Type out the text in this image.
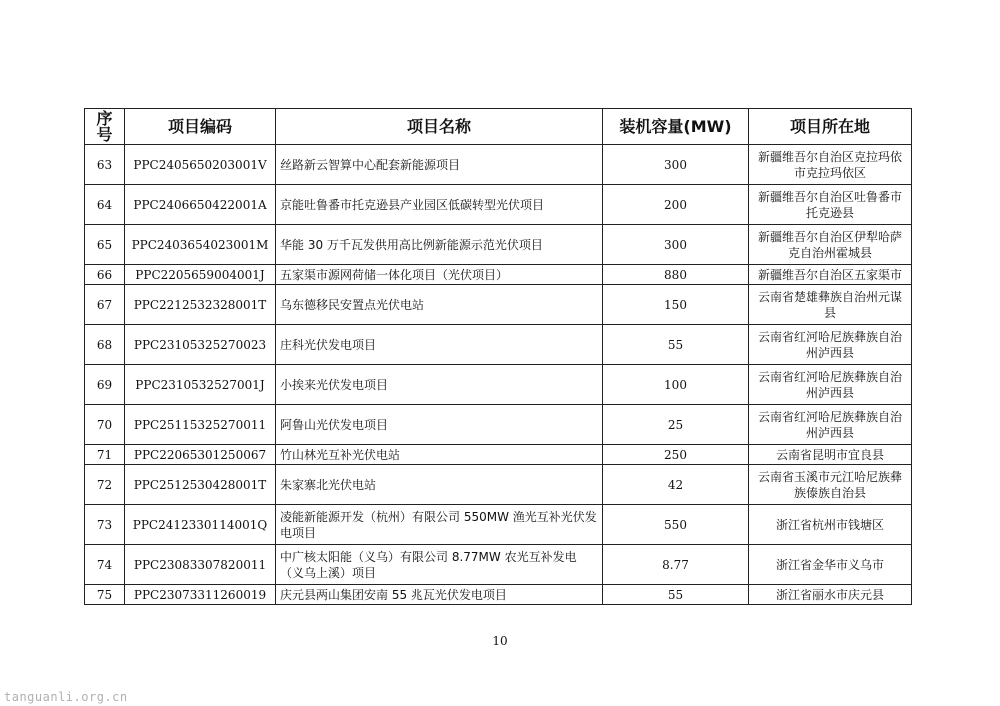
序号	项目编码	项目名称	装机容量(MW)	项目所在地
63	PPC2405650203001V	丝路新云智算中心配套新能源项目	300	新疆维吾尔自治区克拉玛依市克拉玛依区
64	PPC2406650422001A	京能吐鲁番市托克逊县产业园区低碳转型光伏项目	200	新疆维吾尔自治区吐鲁番市托克逊县
65	PPC2403654023001M	华能 30 万千瓦发供用高比例新能源示范光伏项目	300	新疆维吾尔自治区伊犁哈萨克自治州霍城县
66	PPC2205659004001J	五家渠市源网荷储一体化项目（光伏项目）	880	新疆维吾尔自治区五家渠市
67	PPC2212532328001T	乌东德移民安置点光伏电站	150	云南省楚雄彝族自治州元谋县
68	PPC23105325270023	庄科光伏发电项目	55	云南省红河哈尼族彝族自治州泸西县
69	PPC2310532527001J	小挨来光伏发电项目	100	云南省红河哈尼族彝族自治州泸西县
70	PPC25115325270011	阿鲁山光伏发电项目	25	云南省红河哈尼族彝族自治州泸西县
71	PPC22065301250067	竹山林光互补光伏电站	250	云南省昆明市宜良县
72	PPC2512530428001T	朱家寨北光伏电站	42	云南省玉溪市元江哈尼族彝族傣族自治县
73	PPC2412330114001Q	凌能新能源开发（杭州）有限公司 550MW 渔光互补光伏发电项目	550	浙江省杭州市钱塘区
74	PPC23083307820011	中广核太阳能（义乌）有限公司 8.77MW 农光互补发电（义乌上溪）项目	8.77	浙江省金华市义乌市
75	PPC23073311260019	庆元县两山集团安南 55 兆瓦光伏发电项目	55	浙江省丽水市庆元县
10
tanguanli.org.cn
